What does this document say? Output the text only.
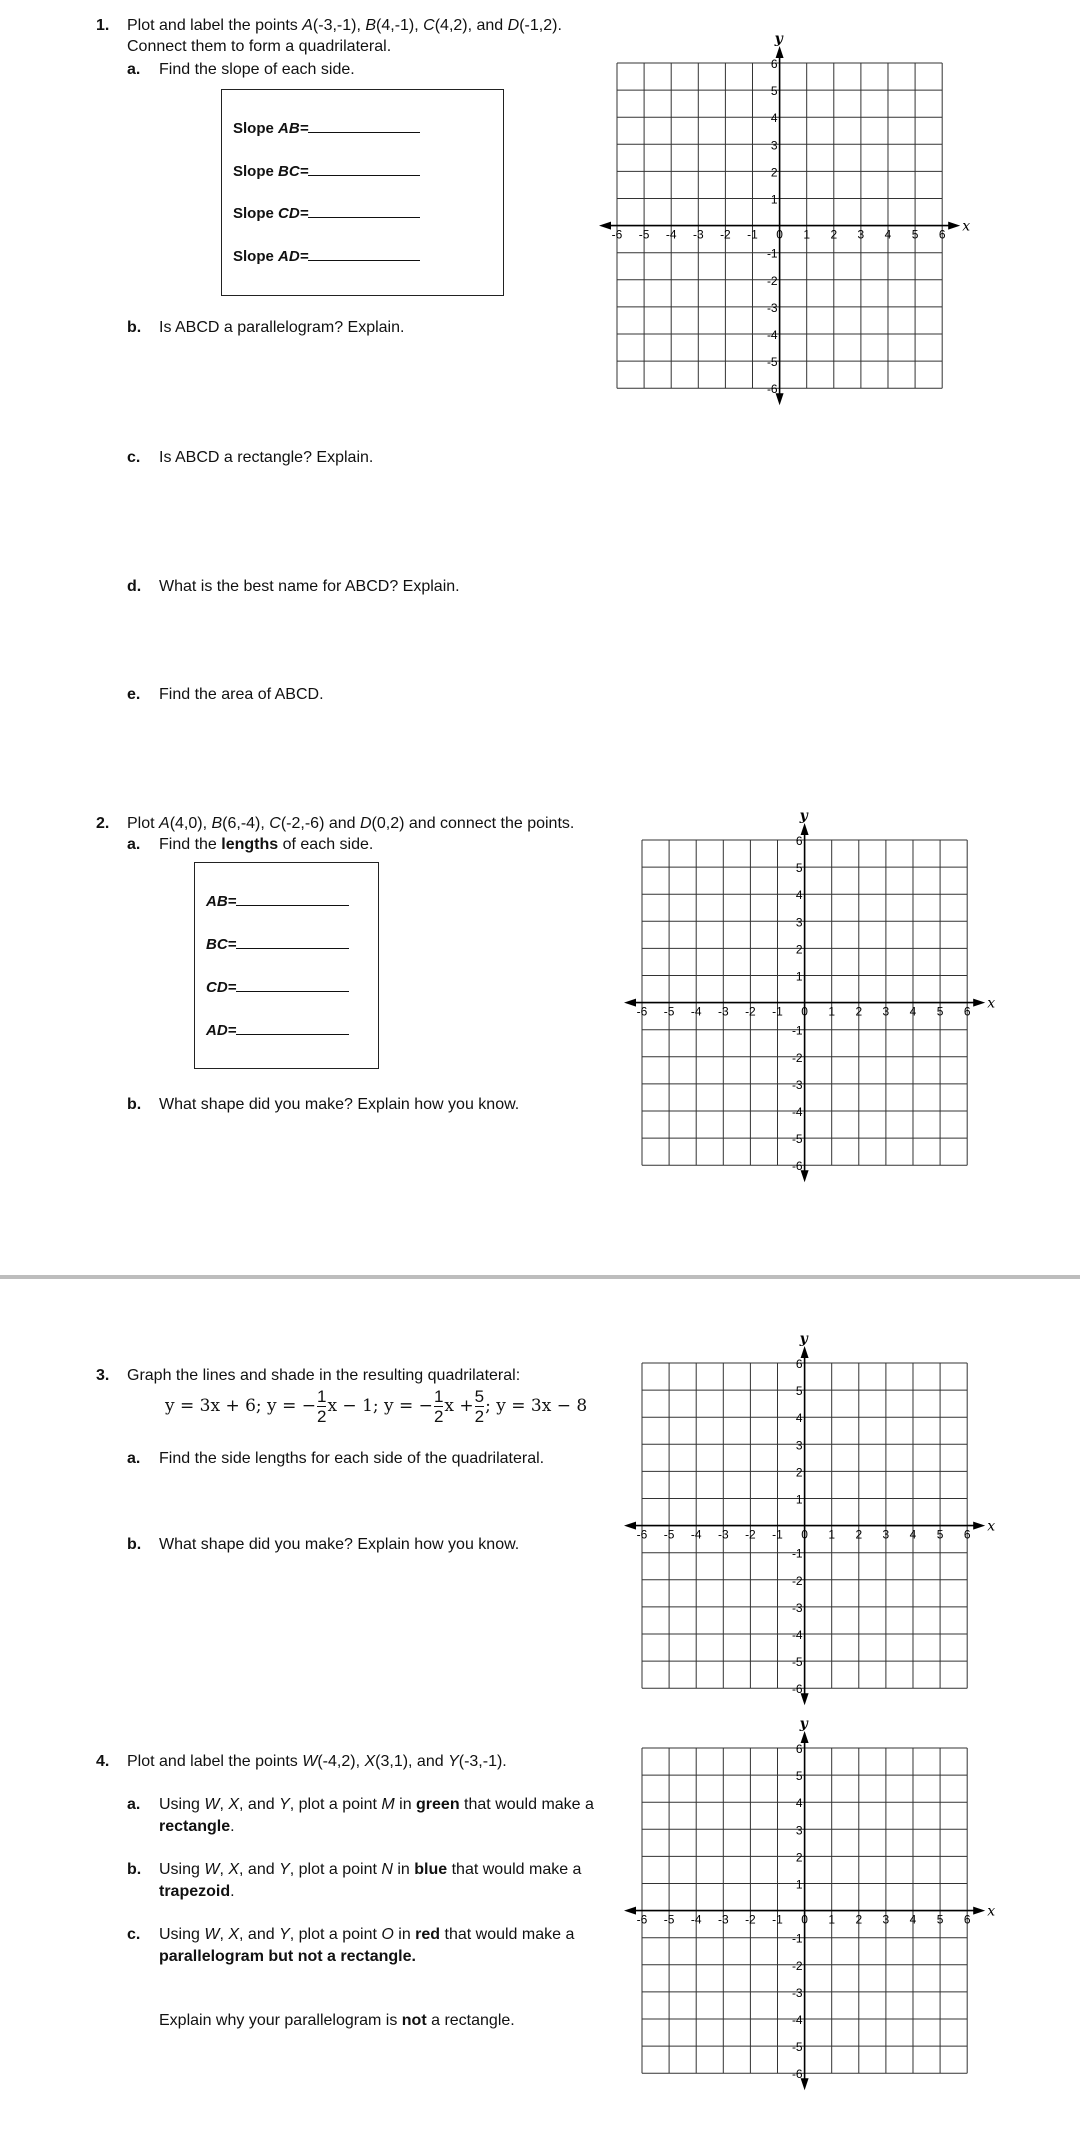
1. Plot and label the points A(-3,-1), B(4,-1), C(4,2), and D(-1,2).
Connect them to form a quadrilateral.
a. Find the slope of each side.
Slope AB=
Slope BC=
Slope CD=
Slope AD=
b. Is ABCD a parallelogram? Explain.
c. Is ABCD a rectangle? Explain.
d. What is the best name for ABCD? Explain.
e. Find the area of ABCD.
x
y
-6 -5 -4 -3 -2 -1 0 1 2 3 4 5 6
6
5
4
3
2
1
-1
-2
-3
-4
-5
-6
2. Plot A(4,0), B(6,-4), C(-2,-6) and D(0,2) and connect the points.
a. Find the lengths of each side.
AB=
BC=
CD=
AD=
b. What shape did you make? Explain how you know.
x
y
-6 -5 -4 -3 -2 -1 0 1 2 3 4 5 6
6
5
4
3
2
1
-1
-2
-3
-4
-5
-6
3. Graph the lines and shade in the resulting quadrilateral:
y = 3x + 6; y = − $\frac{1}{2}$ x − 1; y = − $\frac{1}{2}$ $x + \frac{5}{2}$ ; y = 3x − 8
a. Find the side lengths for each side of the quadrilateral.
b. What shape did you make? Explain how you know.
x
y
-6 -5 -4 -3 -2 -1 0 1 2 3 4 5 6
6
5
4
3
2
1
-1
-2
-3
-4
-5
-6
4. Plot and label the points W(-4,2), X(3,1), and Y(-3,-1).
a. Using W, X, and Y, plot a point M in green that would make a
rectangle.
b. Using W, X, and Y, plot a point N in blue that would make a
trapezoid.
c. Using W, X, and Y, plot a point O in red that would make a
parallelogram but not a rectangle.
Explain why your parallelogram is not a rectangle.
x
y
-6 -5 -4 -3 -2 -1 0 1 2 3 4 5 6
6
5
4
3
2
1
-1
-2
-3
-4
-5
-6
